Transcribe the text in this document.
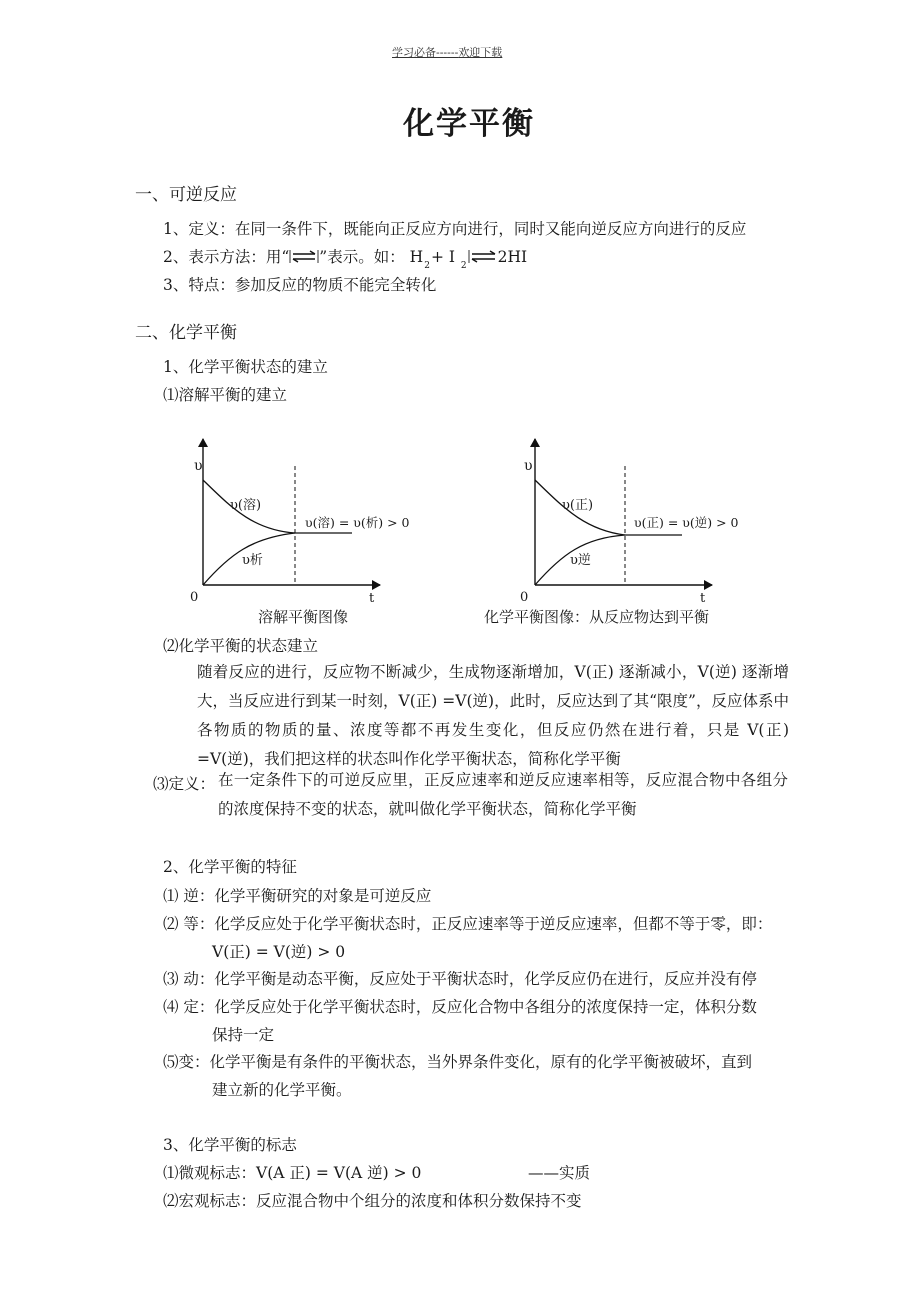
学习必备------欢迎下载
化学平衡
一、可逆反应
1、定义：在同一条件下，既能向正反应方向进行，同时又能向逆反应方向进行的反应
2、表示方法：用“⇌”表示。如： $H_2+ I$ $_2$ ⇌2HI
3、特点：参加反应的物质不能完全转化
二、化学平衡
1、化学平衡状态的建立
⑴溶解平衡的建立
υ
t
0
υ(溶)
υ析
υ(溶) = υ(析) > 0
溶解平衡图像
υ
t
0
υ(正)
υ逆
υ(正) = υ(逆) > 0
化学平衡图像：从反应物达到平衡
⑵化学平衡的状态建立
随着反应的进行，反应物不断减少，生成物逐渐增加，V(正) 逐渐减小，V(逆) 逐渐增大，当反应进行到某一时刻，V(正) =V(逆)，此时，反应达到了其“限度”，反应体系中各物质的物质的量、浓度等都不再发生变化，但反应仍然在进行着，只是 V(正) =V(逆)，我们把这样的状态叫作化学平衡状态，简称化学平衡
⑶定义： 在一定条件下的可逆反应里，正反应速率和逆反应速率相等，反应混合物中各组分的浓度保持不变的状态，就叫做化学平衡状态，简称化学平衡
2、化学平衡的特征
⑴ 逆：化学平衡研究的对象是可逆反应
⑵ 等：化学反应处于化学平衡状态时，正反应速率等于逆反应速率，但都不等于零，即：
V(正) = V(逆) > 0
⑶ 动：化学平衡是动态平衡，反应处于平衡状态时，化学反应仍在进行，反应并没有停
⑷ 定：化学反应处于化学平衡状态时，反应化合物中各组分的浓度保持一定，体积分数
保持一定
⑸变：化学平衡是有条件的平衡状态，当外界条件变化，原有的化学平衡被破坏，直到
建立新的化学平衡。
3、化学平衡的标志
⑴微观标志：V(A 正) = V(A 逆) > 0	——实质
⑵宏观标志：反应混合物中个组分的浓度和体积分数保持不变
